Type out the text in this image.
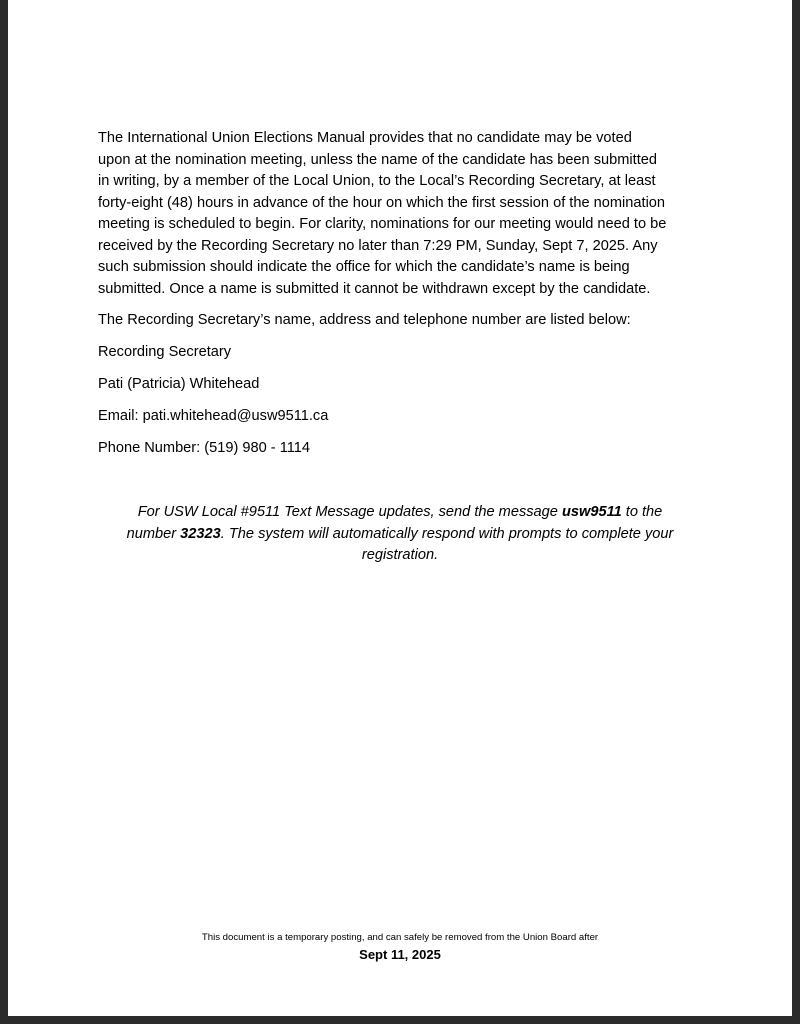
The International Union Elections Manual provides that no candidate may be voted
upon at the nomination meeting, unless the name of the candidate has been submitted
in writing, by a member of the Local Union, to the Local’s Recording Secretary, at least
forty-eight (48) hours in advance of the hour on which the first session of the nomination
meeting is scheduled to begin. For clarity, nominations for our meeting would need to be
received by the Recording Secretary no later than 7:29 PM, Sunday, Sept 7, 2025. Any
such submission should indicate the office for which the candidate’s name is being
submitted. Once a name is submitted it cannot be withdrawn except by the candidate.
The Recording Secretary’s name, address and telephone number are listed below:
Recording Secretary
Pati (Patricia) Whitehead
Email: pati.whitehead@usw9511.ca
Phone Number: (519) 980 - 1114
For USW Local #9511 Text Message updates, send the message usw9511 to the
number 32323. The system will automatically respond with prompts to complete your
registration.
This document is a temporary posting, and can safely be removed from the Union Board after
Sept 11, 2025
